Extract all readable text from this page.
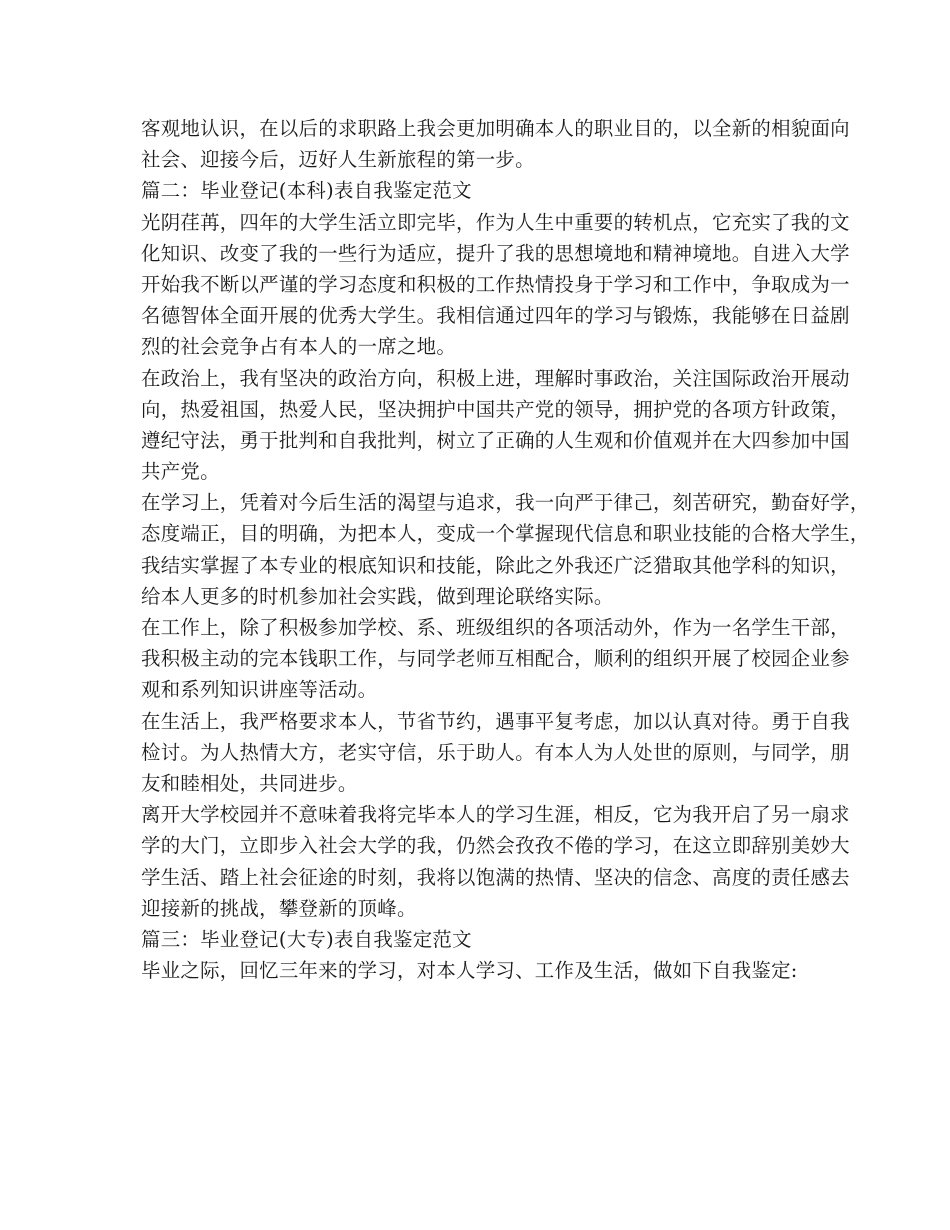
客观地认识，在以后的求职路上我会更加明确本人的职业目的，以全新的相貌面向
社会、迎接今后，迈好人生新旅程的第一步。
篇二：毕业登记(本科)表自我鉴定范文
光阴荏苒，四年的大学生活立即完毕，作为人生中重要的转机点，它充实了我的文
化知识、改变了我的一些行为适应，提升了我的思想境地和精神境地。自进入大学
开始我不断以严谨的学习态度和积极的工作热情投身于学习和工作中，争取成为一
名德智体全面开展的优秀大学生。我相信通过四年的学习与锻炼，我能够在日益剧
烈的社会竞争占有本人的一席之地。
在政治上，我有坚决的政治方向，积极上进，理解时事政治，关注国际政治开展动
向，热爱祖国，热爱人民，坚决拥护中国共产党的领导，拥护党的各项方针政策，
遵纪守法，勇于批判和自我批判，树立了正确的人生观和价值观并在大四参加中国
共产党。
在学习上，凭着对今后生活的渴望与追求，我一向严于律己，刻苦研究，勤奋好学，
态度端正，目的明确，为把本人，变成一个掌握现代信息和职业技能的合格大学生，
我结实掌握了本专业的根底知识和技能，除此之外我还广泛猎取其他学科的知识，
给本人更多的时机参加社会实践，做到理论联络实际。
在工作上，除了积极参加学校、系、班级组织的各项活动外，作为一名学生干部，
我积极主动的完本钱职工作，与同学老师互相配合，顺利的组织开展了校园企业参
观和系列知识讲座等活动。
在生活上，我严格要求本人，节省节约，遇事平复考虑，加以认真对待。勇于自我
检讨。为人热情大方，老实守信，乐于助人。有本人为人处世的原则，与同学，朋
友和睦相处，共同进步。
离开大学校园并不意味着我将完毕本人的学习生涯，相反，它为我开启了另一扇求
学的大门，立即步入社会大学的我，仍然会孜孜不倦的学习，在这立即辞别美妙大
学生活、踏上社会征途的时刻，我将以饱满的热情、坚决的信念、高度的责任感去
迎接新的挑战，攀登新的顶峰。
篇三：毕业登记(大专)表自我鉴定范文
毕业之际，回忆三年来的学习，对本人学习、工作及生活，做如下自我鉴定:
